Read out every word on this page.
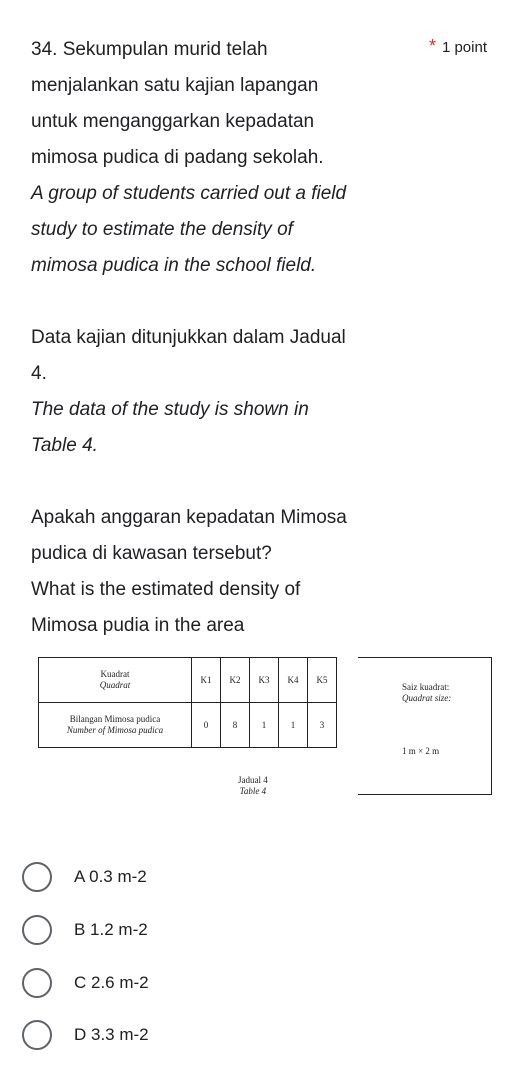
34. Sekumpulan murid telah	* 1 point

menjalankan satu kajian lapangan

untuk menganggarkan kepadatan

mimosa pudica di padang sekolah.

A group of students carried out a field

study to estimate the density of

mimosa pudica in the school field.

Data kajian ditunjukkan dalam Jadual

4.

The data of the study is shown in

Table 4.

Apakah anggaran kepadatan Mimosa

pudica di kawasan tersebut?

What is the estimated density of

Mimosa pudia in the area

Kuadrat
Quadrat	K1	K2	K3	K4	K5
Bilangan Mimosa pudica
Number of Mimosa pudica	0	8	1	1	3
Saiz kuadrat:
Quadrat size:
1 m × 2 m
Jadual 4
Table 4
A 0.3 m-2
B 1.2 m-2
C 2.6 m-2
D 3.3 m-2
